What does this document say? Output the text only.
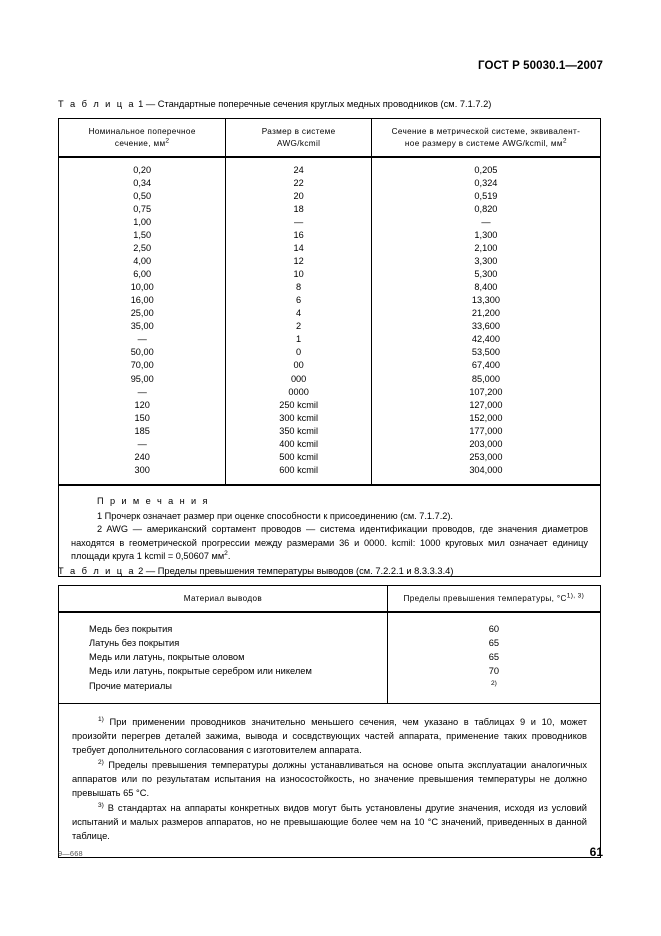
ГОСТ Р 50030.1—2007
Т а б л и ц а 1 — Стандартные поперечные сечения круглых медных проводников (см. 7.1.7.2)
Номинальное поперечное
сечение, $мм^2$
Размер в системе
AWG/kcmil
Сечение в метрической системе, эквивалент-
ное размеру в системе AWG/kcmil, $мм^2$
0,20
0,34
0,50
0,75
1,00
1,50
2,50
4,00
6,00
10,00
16,00
25,00
35,00
—
50,00
70,00
95,00
—
120
150
185
—
240
300
24
22
20
18
—
16
14
12
10
8
6
4
2
1
0
00
000
0000
250 kcmil
300 kcmil
350 kcmil
400 kcmil
500 kcmil
600 kcmil
0,205
0,324
0,519
0,820
—
1,300
2,100
3,300
5,300
8,400
13,300
21,200
33,600
42,400
53,500
67,400
85,000
107,200
127,000
152,000
177,000
203,000
253,000
304,000
П р и м е ч а н и я

1 Прочерк означает размер при оценке способности к присоединению (см. 7.1.7.2).

2 AWG — американский сортамент проводов — система идентификации проводов, где значения диаметров находятся в геометрической прогрессии между размерами 36 и 0000. kcmil: 1000 круговых мил означает единицу площади круга 1 kcmil = 0,50607 $мм^2$.

Т а б л и ц а 2 — Пределы превышения температуры выводов (см. 7.2.2.1 и 8.3.3.3.4)
Материал выводов	Пределы превышения температуры, $^\circ C^{1), 3)}$
Медь без покрытия
Латунь без покрытия
Медь или латунь, покрытые оловом
Медь или латунь, покрытые серебром или никелем
Прочие материалы
60
65
65
70
$^{2)}$

$^{1)}$ При применении проводников значительно меньшего сечения, чем указано в таблицах 9 и 10, может произойти перегрев деталей зажима, вывода и сосвдствующих частей аппарата, применение таких проводников требует дополнительного согласования с изготовителем аппарата.

$^{2)}$ Пределы превышения температуры должны устанавливаться на основе опыта эксплуатации аналогичных аппаратов или по результатам испытания на износостойкость, но значение превышения температуры не должно превышать 65 °С.

$^{3)}$ В стандартах на аппараты конкретных видов могут быть установлены другие значения, исходя из условий испытаний и малых размеров аппаратов, но не превышающие более чем на 10 °С значений, приведенных в данной таблице.

9—668	61
